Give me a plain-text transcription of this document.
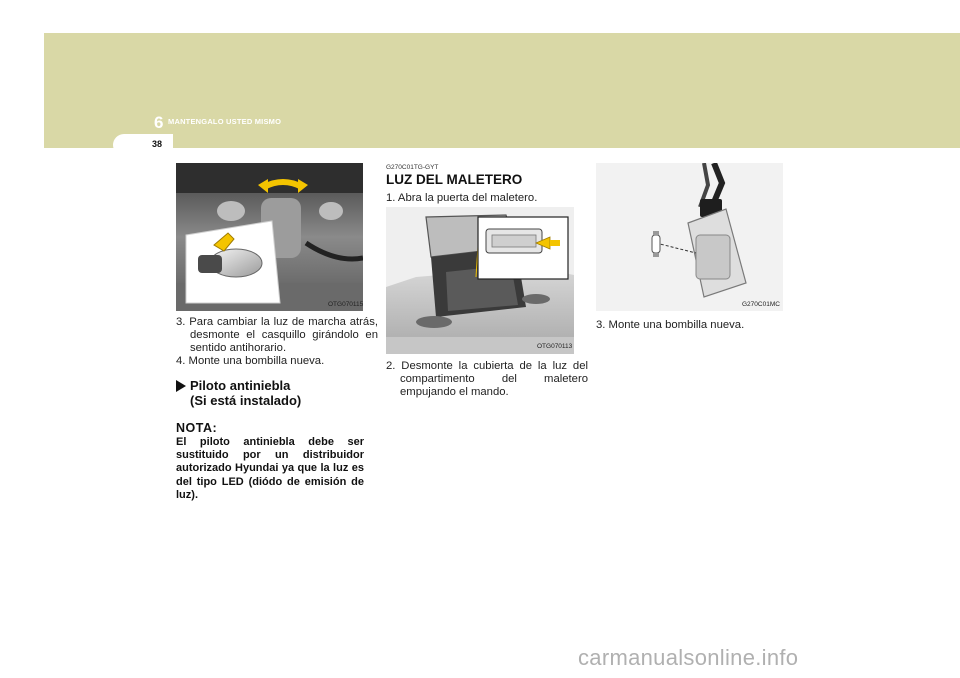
6 MANTENGALO USTED MISMO
38
OTG070115
3. Para cambiar la luz de marcha atrás, desmonte el casquillo girándolo en sentido antihorario.
4. Monte una bombilla nueva.
Piloto antiniebla
(Si está instalado)
NOTA:
El piloto antiniebla debe ser sustituido por un distribuidor autorizado Hyundai ya que la luz es del tipo LED (diódo de emisión de luz).
G270C01TG-GYT
LUZ DEL MALETERO
1. Abra la puerta del maletero.
OTG070113
2. Desmonte la cubierta de la luz del compartimento del maletero empujando el mando.
G270C01MC
3. Monte una bombilla nueva.
carmanualsonline.info
